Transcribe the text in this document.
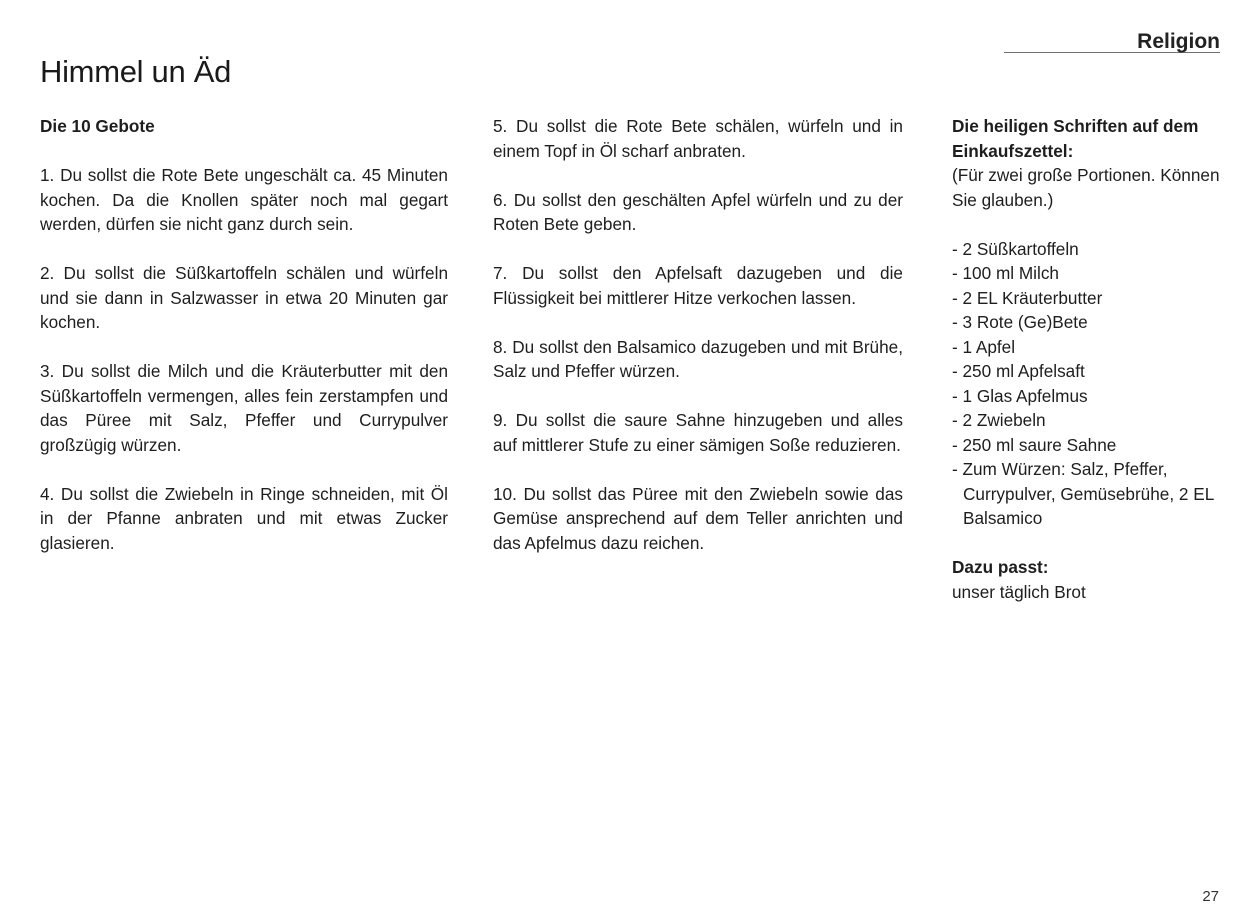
Religion
Himmel un Äd

Die 10 Gebote

1. Du sollst die Rote Bete ungeschält ca. 45 Minuten kochen. Da die Knollen später noch mal gegart werden, dürfen sie nicht ganz durch sein.

2. Du sollst die Süßkartoffeln schälen und würfeln und sie dann in Salzwasser in etwa 20 Minuten gar kochen.

3. Du sollst die Milch und die Kräuterbutter mit den Süßkartoffeln vermengen, alles fein zerstampfen und das Püree mit Salz, Pfeffer und Currypulver großzügig würzen.

4. Du sollst die Zwiebeln in Ringe schneiden, mit Öl in der Pfanne anbraten und mit etwas Zucker glasieren.

5. Du sollst die Rote Bete schälen, würfeln und in einem Topf in Öl scharf anbraten.

6. Du sollst den geschälten Apfel würfeln und zu der Roten Bete geben.

7. Du sollst den Apfelsaft dazugeben und die Flüssigkeit bei mittlerer Hitze verkochen lassen.

8. Du sollst den Balsamico dazugeben und mit Brühe, Salz und Pfeffer würzen.

9. Du sollst die saure Sahne hinzugeben und alles auf mittlerer Stufe zu einer sämigen Soße reduzieren.

10. Du sollst das Püree mit den Zwiebeln sowie das Gemüse ansprechend auf dem Teller anrichten und das Apfelmus dazu reichen.

Die heiligen Schriften auf dem Einkaufszettel:

(Für zwei große Portionen. Können Sie glauben.)

- 2 Süßkartoffeln
- 100 ml Milch
- 2 EL Kräuterbutter
- 3 Rote (Ge)Bete
- 1 Apfel
- 250 ml Apfelsaft
- 1 Glas Apfelmus
- 2 Zwiebeln
- 250 ml saure Sahne
- Zum Würzen: Salz, Pfeffer, Currypulver, Gemüsebrühe, 2 EL Balsamico
Dazu passt:
unser täglich Brot
27
